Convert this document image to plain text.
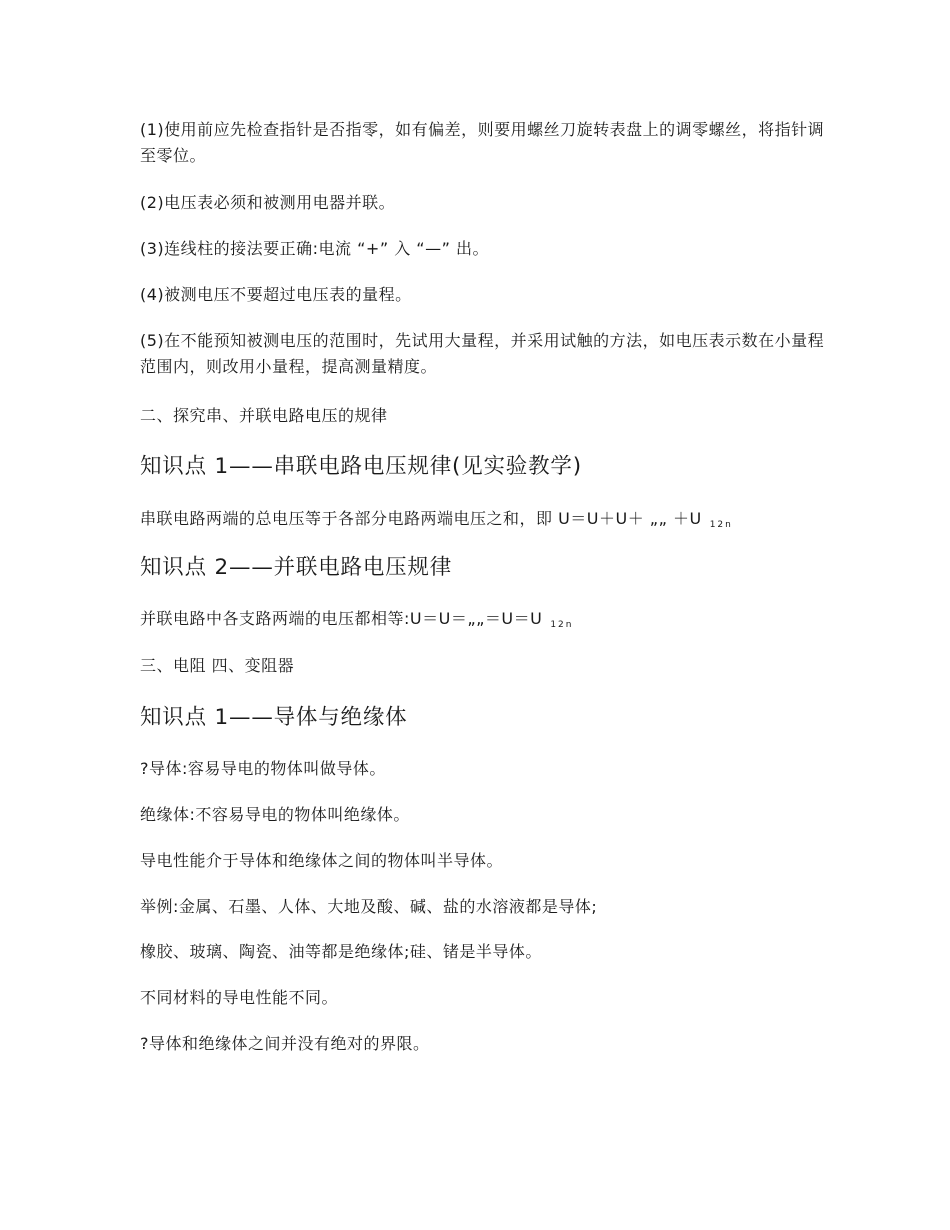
(1)使用前应先检查指针是否指零，如有偏差，则要用螺丝刀旋转表盘上的调零螺丝，将指针调至零位。
(2)电压表必须和被测用电器并联。
(3)连线柱的接法要正确:电流 “+” 入 “—” 出。
(4)被测电压不要超过电压表的量程。
(5)在不能预知被测电压的范围时，先试用大量程，并采用试触的方法，如电压表示数在小量程范围内，则改用小量程，提高测量精度。
二、探究串、并联电路电压的规律
知识点 1——串联电路电压规律(见实验教学)
串联电路两端的总电压等于各部分电路两端电压之和，即 U＝U＋U＋ „„ ＋U $_{12n}$
知识点 2——并联电路电压规律
并联电路中各支路两端的电压都相等:U＝U＝„„＝U＝U $_{12n}$
三、电阻 四、变阻器
知识点 1——导体与绝缘体
?导体:容易导电的物体叫做导体。
绝缘体:不容易导电的物体叫绝缘体。
导电性能介于导体和绝缘体之间的物体叫半导体。
举例:金属、石墨、人体、大地及酸、碱、盐的水溶液都是导体;
橡胶、玻璃、陶瓷、油等都是绝缘体;硅、锗是半导体。
不同材料的导电性能不同。
?导体和绝缘体之间并没有绝对的界限。
